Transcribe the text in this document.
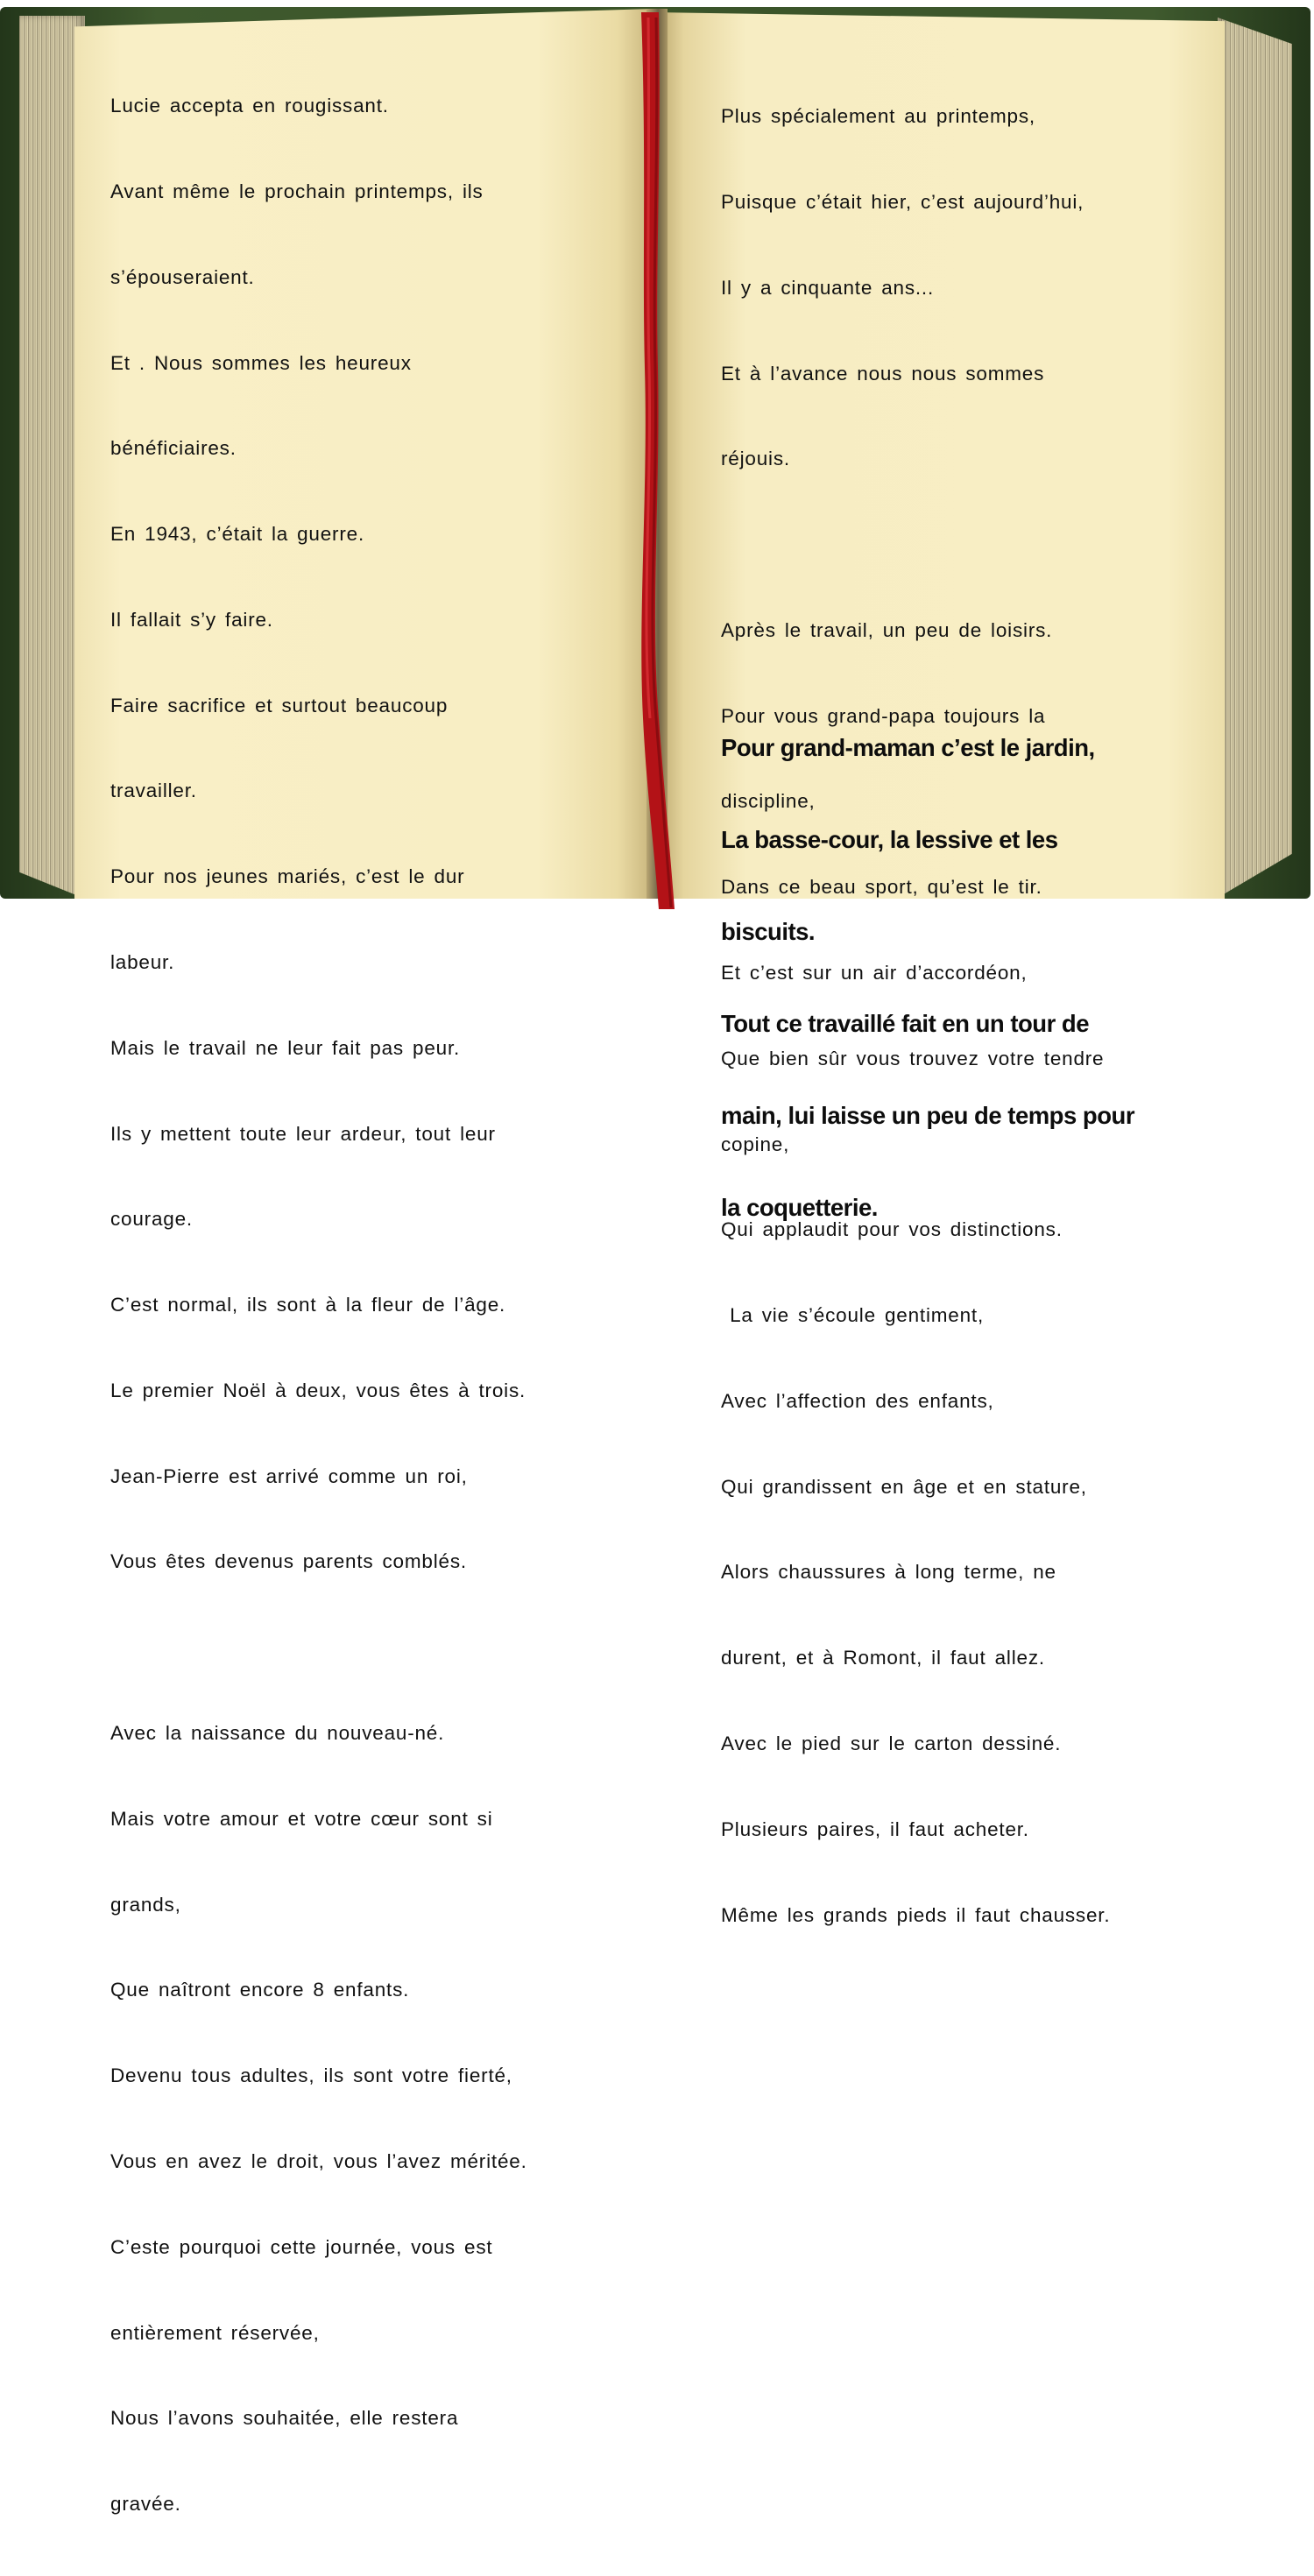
Lucie accepta en rougissant.

Avant même le prochain printemps, ils

s’épouseraient.

Et . Nous sommes les heureux

bénéficiaires.

En 1943, c’était la guerre.

Il fallait s’y faire.

Faire sacrifice et surtout beaucoup

travailler.

Pour nos jeunes mariés, c’est le dur

labeur.

Mais le travail ne leur fait pas peur.

Ils y mettent toute leur ardeur, tout leur

courage.

C’est normal, ils sont à la fleur de l’âge.

Le premier Noël à deux, vous êtes à trois.

Jean-Pierre est arrivé comme un roi,

Vous êtes devenus parents comblés.

Avec la naissance du nouveau-né.

Mais votre amour et votre cœur sont si

grands,

Que naîtront encore 8 enfants.

Devenu tous adultes, ils sont votre fierté,

Vous en avez le droit, vous l’avez méritée.

C’este pourquoi cette journée, vous est

entièrement réservée,

Nous l’avons souhaitée, elle restera

gravée.

Plus spécialement au printemps,

Puisque c’était hier, c’est aujourd’hui,

Il y a cinquante ans...

Et à l’avance nous nous sommes

réjouis.

Après le travail, un peu de loisirs.

Pour vous grand-papa toujours la

discipline,

Dans ce beau sport, qu’est le tir.

Et c’est sur un air d’accordéon,

Que bien sûr vous trouvez votre tendre

copine,

Qui applaudit pour vos distinctions.

La vie s’écoule gentiment,

Avec l’affection des enfants,

Qui grandissent en âge et en stature,

Alors chaussures à long terme, ne

durent, et à Romont, il faut allez.

Avec le pied sur le carton dessiné.

Plusieurs paires, il faut acheter.

Même les grands pieds il faut chausser.

Pour grand-maman c’est le jardin,

La basse-cour, la lessive et les

biscuits.

Tout ce travaillé fait en un tour de

main, lui laisse un peu de temps pour

la coquetterie.
